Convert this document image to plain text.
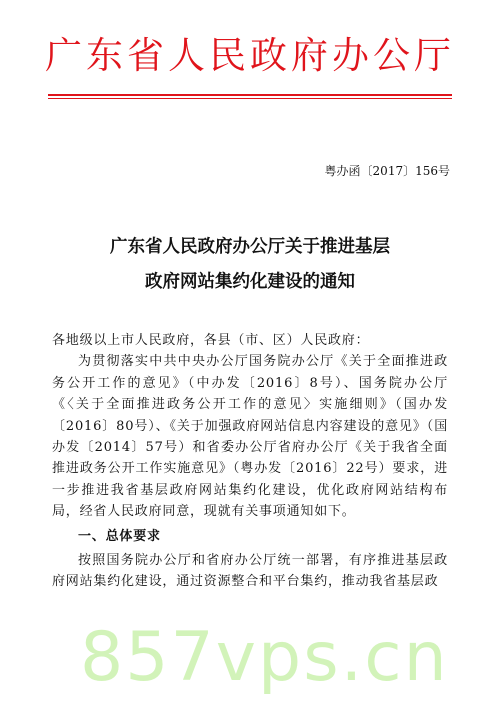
广东省人民政府办公厅
粤办函〔2017〕156号
广东省人民政府办公厅关于推进基层
政府网站集约化建设的通知

各地级以上市人民政府，各县（市、区）人民政府：

为贯彻落实中共中央办公厅国务院办公厅《关于全面推进政务公开工作的意见》（中办发〔2016〕8号）、国务院办公厅《〈关于全面推进政务公开工作的意见〉实施细则》（国办发〔2016〕80号）、《关于加强政府网站信息内容建设的意见》（国办发〔2014〕57号）和省委办公厅省府办公厅《关于我省全面推进政务公开工作实施意见》（粤办发〔2016〕22号）要求，进一步推进我省基层政府网站集约化建设，优化政府网站结构布局，经省人民政府同意，现就有关事项通知如下。

一、总体要求

按照国务院办公厅和省府办公厅统一部署，有序推进基层政府网站集约化建设，通过资源整合和平台集约，推动我省基层政

857vps.cn
